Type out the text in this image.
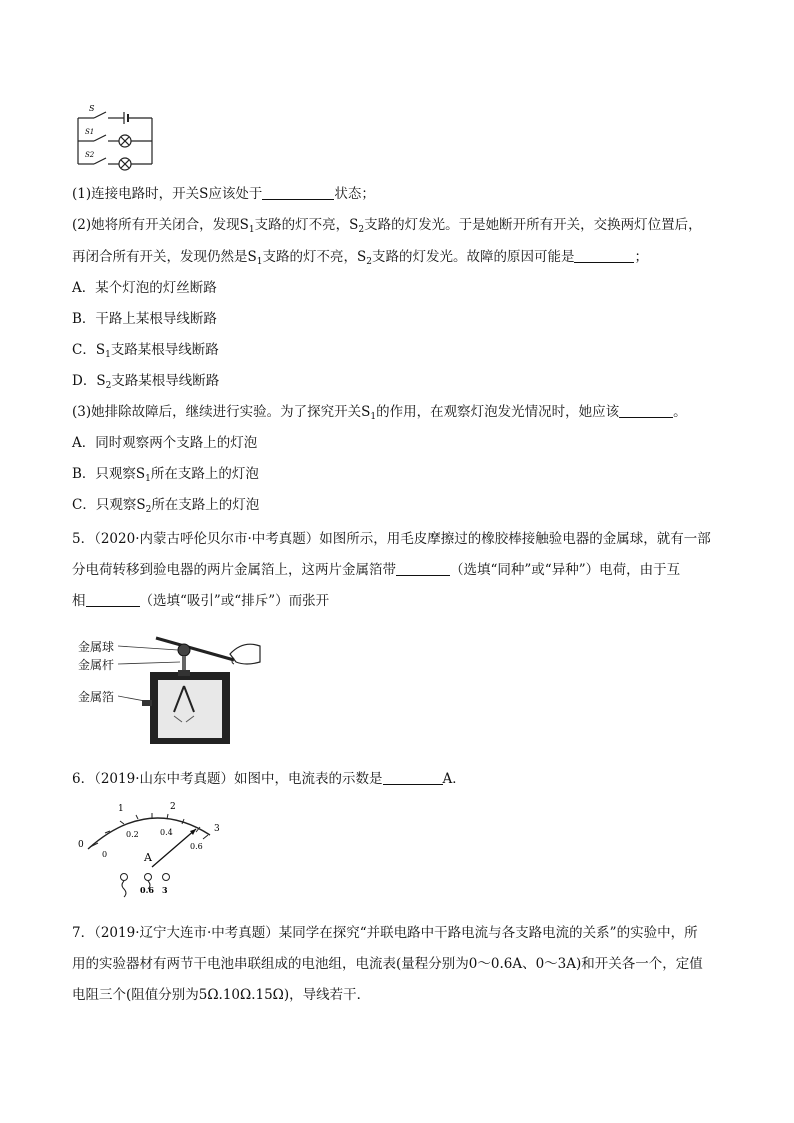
S
S1
S2
(1)连接电路时，开关S应该处于	状态；
(2)她将所有开关闭合，发现$S_1$支路的灯不亮，$S_2$支路的灯发光。于是她断开所有开关，交换两灯位置后，
再闭合所有开关，发现仍然是$S_1$支路的灯不亮，$S_2$支路的灯发光。故障的原因可能是	；
A．某个灯泡的灯丝断路
B．干路上某根导线断路
C．$S_1$支路某根导线断路
D．$S_2$支路某根导线断路
(3)她排除故障后，继续进行实验。为了探究开关$S_1$的作用，在观察灯泡发光情况时，她应该	。
A．同时观察两个支路上的灯泡
B．只观察$S_1$所在支路上的灯泡
C．只观察$S_2$所在支路上的灯泡
5．（2020·内蒙古呼伦贝尔市·中考真题）如图所示，用毛皮摩擦过的橡胶棒接触验电器的金属球，就有一部
分电荷转移到验电器的两片金属箔上，这两片金属箔带	（选填“同种”或“异种”）电荷，由于互
相	（选填“吸引”或“排斥”）而张开
金属球
金属杆
金属箔
6．（2019·山东中考真题）如图中，电流表的示数是	A．
0
1	2
3
0
0.2	0.4
0.6
A
0.6 3
7．（2019·辽宁大连市·中考真题）某同学在探究“并联电路中干路电流与各支路电流的关系”的实验中，所
用的实验器材有两节干电池串联组成的电池组，电流表(量程分别为0～0.6A、0～3A)和开关各一个，定值
电阻三个(阻值分别为5Ω.10Ω.15Ω)，导线若干．
